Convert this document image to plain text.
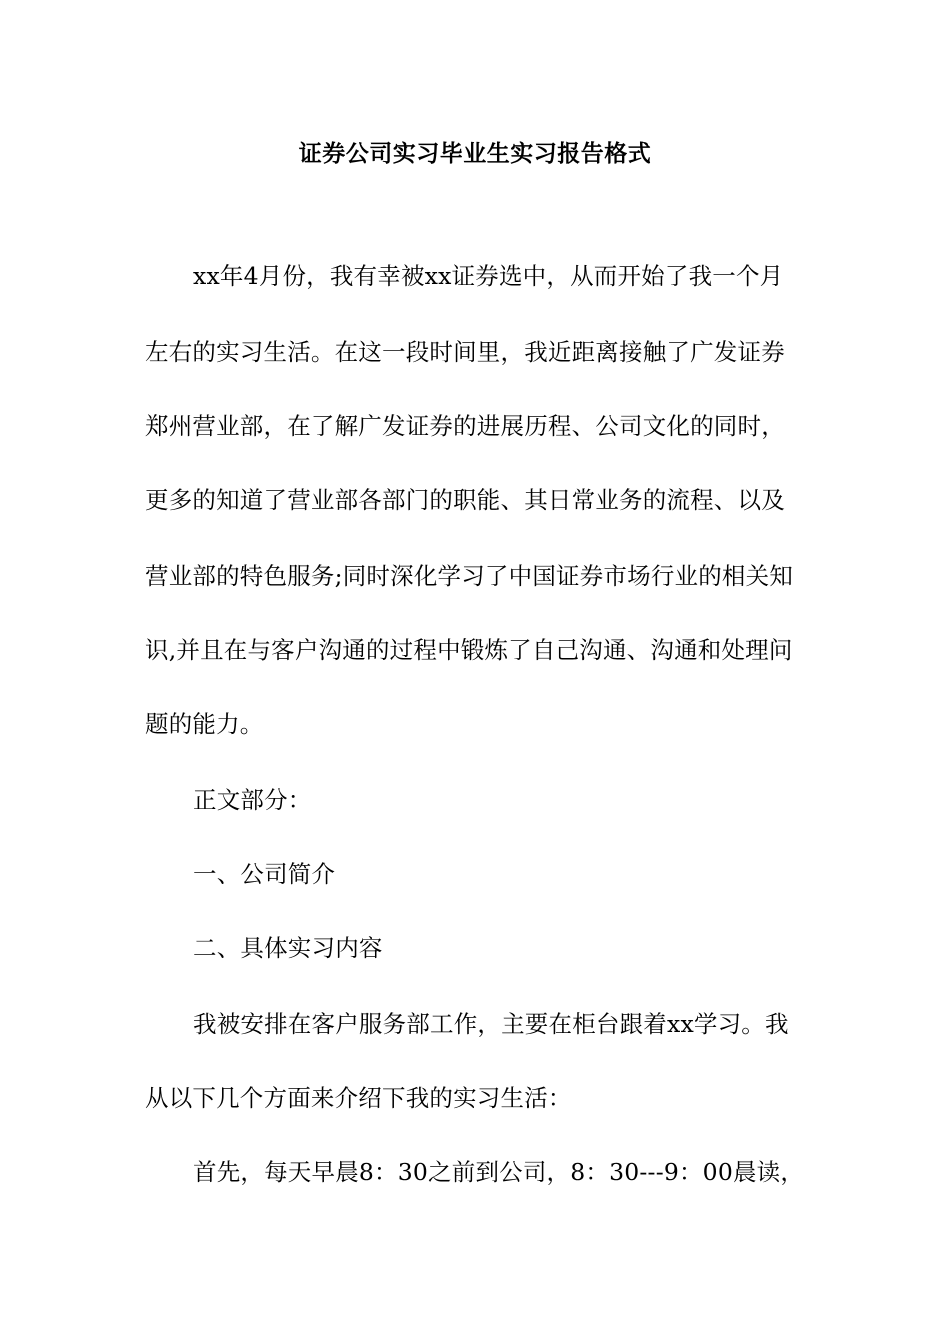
证券公司实习毕业生实习报告格式
xx年4月份，我有幸被xx证券选中，从而开始了我一个月
左右的实习生活。在这一段时间里，我近距离接触了广发证券
郑州营业部，在了解广发证券的进展历程、公司文化的同时，
更多的知道了营业部各部门的职能、其日常业务的流程、以及
营业部的特色服务;同时深化学习了中国证券市场行业的相关知
识,并且在与客户沟通的过程中锻炼了自己沟通、沟通和处理问
题的能力。
正文部分：
一、公司简介
二、具体实习内容
我被安排在客户服务部工作，主要在柜台跟着xx学习。我
从以下几个方面来介绍下我的实习生活：
首先，每天早晨8：30之前到公司，8：30---9：00晨读，
